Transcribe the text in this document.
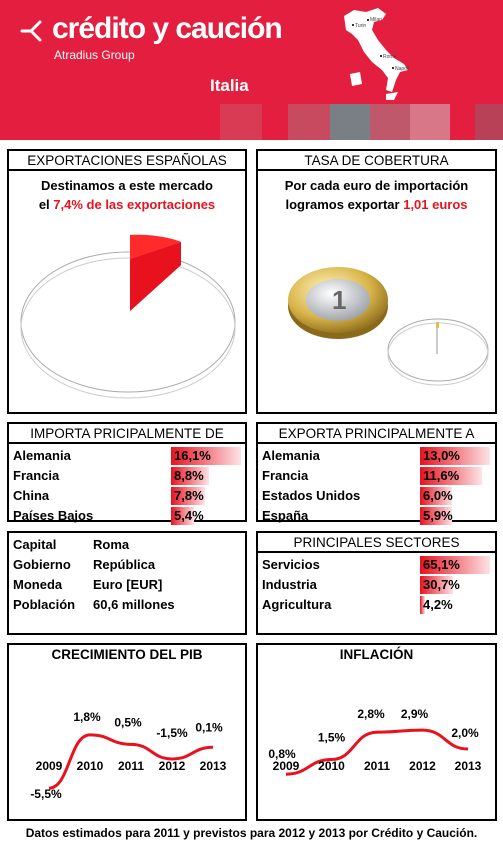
crédito y caución
Atradius Group
Italia
Milan
Turin
Rome
Napoli
EXPORTACIONES ESPAÑOLAS
Destinamos a este mercado
el 7,4% de las exportaciones
TASA DE COBERTURA
Por cada euro de importación
logramos exportar 1,01 euros
1
IMPORTA PRICIPALMENTE DE
Alemania	16,1%
Francia	8,8%
China	7,8%
Países Bajos	5,4%
EXPORTA PRINCIPALMENTE A
Alemania	13,0%
Francia	11,6%
Estados Unidos	6,0%
España	5,9%
Capital	Roma
Gobierno República
Moneda Euro [EUR]
Población 60,6 millones
PRINCIPALES SECTORES
Servicios	65,1%
Industria	30,7%
Agricultura	4,2%
CRECIMIENTO DEL PIB
2009 2010 2011 2012 2013
-5,5%
1,8% 0,5%
-1,5% 0,1%
INFLACIÓN
2009 2010 2011 2012 2013
0,8%
1,5%
2,8% 2,9%
2,0%
Datos estimados para 2011 y previstos para 2012 y 2013 por Crédito y Caución.
